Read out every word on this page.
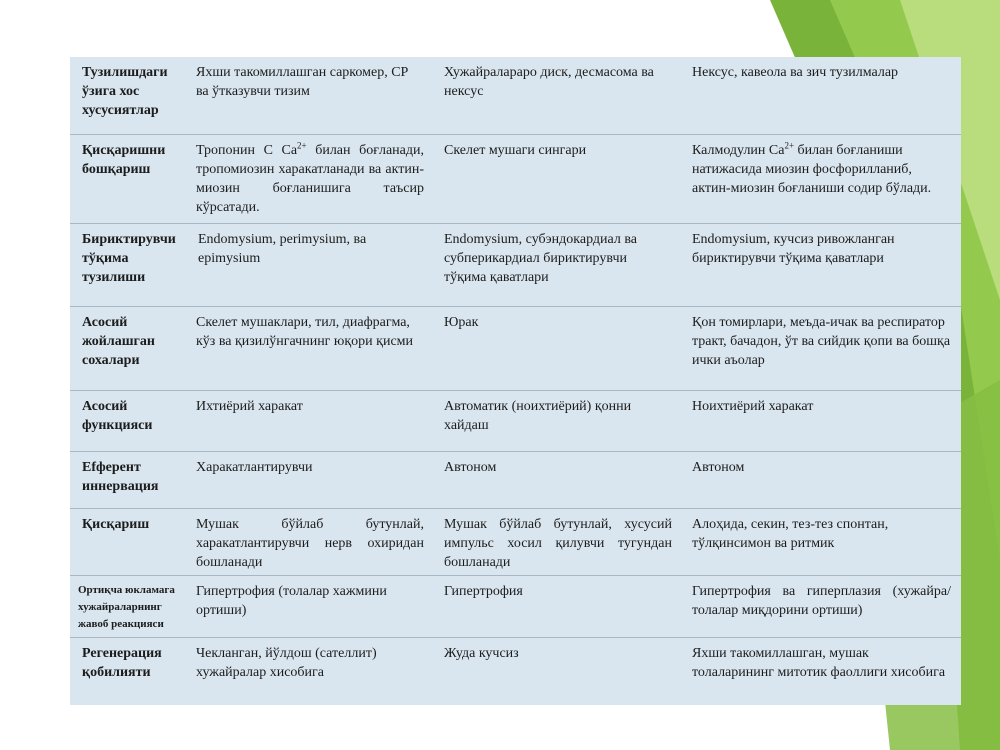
Тузилишдаги ўзига хос хусусиятлар	Яхши такомиллашган саркомер, СР ва ўтказувчи тизим	Хужайралараро диск, десмасома ва нексус	Нексус, кавеола ва зич тузилмалар
Қисқаришни бошқариш	Тропонин С $Са^{2+}$ билан боғланади, тропомиозин харакатланади ва актин-миозин боғланишига таъсир кўрсатади.	Скелет мушаги сингари	Калмодулин $Са^{2+}$ билан боғланиши натижасида миозин фосфорилланиб, актин-миозин боғланиши содир бўлади.
Бириктирувчи тўқима тузилиши	Endomysium, perimysium, ва epimysium	Endomysium, субэндокардиал ва субперикардиал бириктирувчи тўқима қаватлари	Endomysium, кучсиз ривожланган бириктирувчи тўқима қаватлари
Асосий жойлашган сохалари	Скелет мушаклари, тил, диафрагма, кўз ва қизилўнгачнинг юқори қисми	Юрак	Қон томирлари, меъда-ичак ва респиратор тракт, бачадон, ўт ва сийдик қопи ва бошқа ички аъолар
Асосий функцияси	Ихтиёрий харакат	Автоматик (ноихтиёрий) қонни хайдаш	Ноихтиёрий харакат
Еfферент иннервация	Харакатлантирувчи	Автоном	Автоном
Қисқариш	Мушак бўйлаб бутунлай, харакатлантирувчи нерв охиридан бошланади	Мушак бўйлаб бутунлай, хусусий импульс хосил қилувчи тугундан бошланади	Алоҳида, секин, тез-тез спонтан, тўлқинсимон ва ритмик
Ортиқча юкламага хужайраларнинг жавоб реакцияси	Гипертрофия (толалар хажмини ортиши)	Гипертрофия	Гипертрофия ва гиперплазия (хужайра/толалар миқдорини ортиши)
Регенерация қобилияти	Чекланган, йўлдош (сателлит) хужайралар хисобига	Жуда кучсиз	Яхши такомиллашган, мушак толаларининг митотик фаоллиги хисобига
